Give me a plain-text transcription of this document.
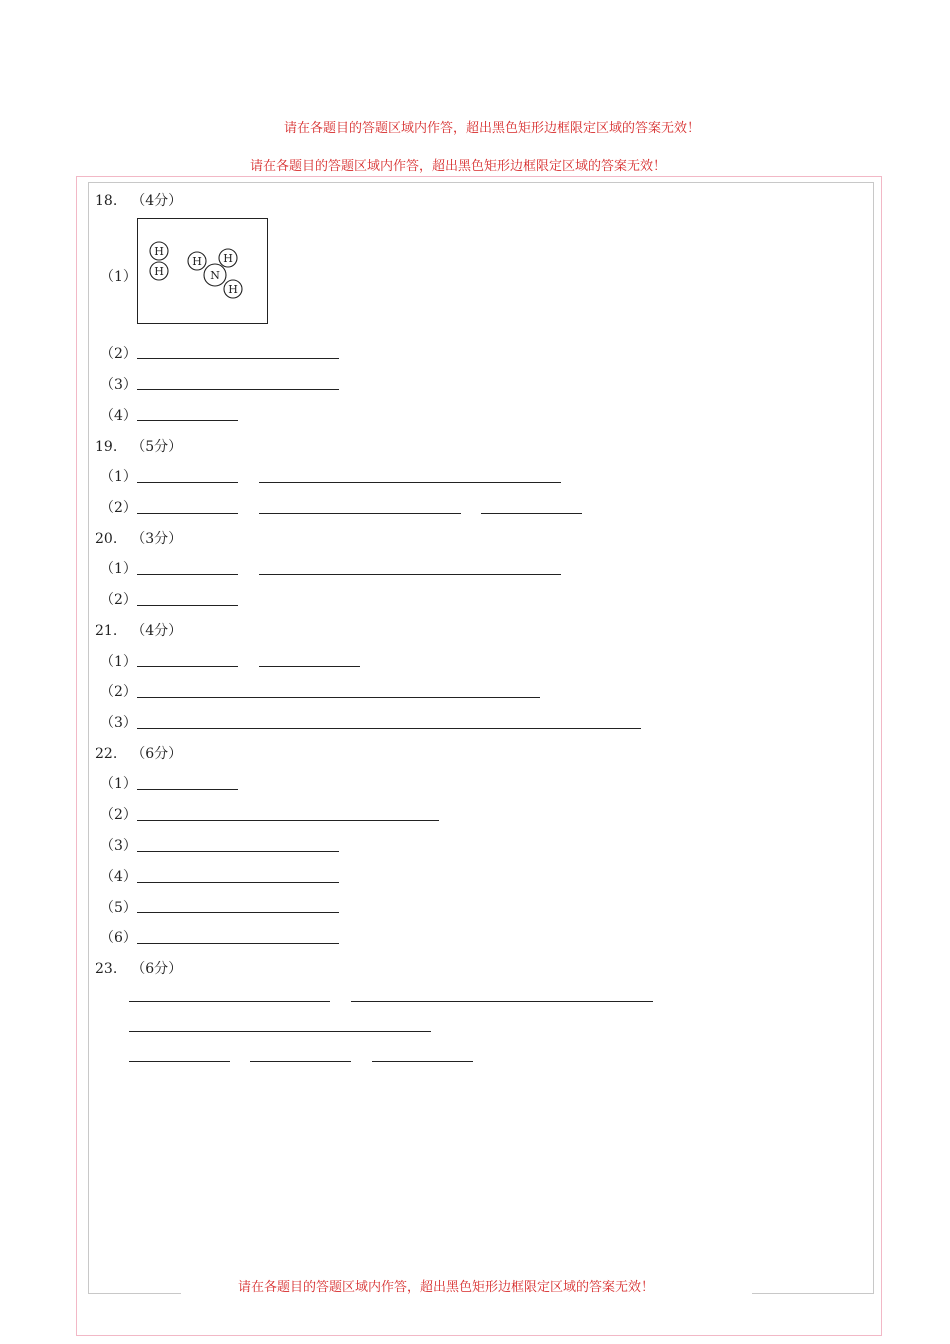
请在各题目的答题区域内作答，超出黑色矩形边框限定区域的答案无效！
请在各题目的答题区域内作答，超出黑色矩形边框限定区域的答案无效！
请在各题目的答题区域内作答，超出黑色矩形边框限定区域的答案无效！
18. （4分）
（1）
H
H
H H
N
H
（2）
（3）
（4）
19. （5分）
（1）
（2）
20. （3分）
（1）
（2）
21. （4分）
（1）
（2）
（3）
22. （6分）
（1）
（2）
（3）
（4）
（5）
（6）
23. （6分）
